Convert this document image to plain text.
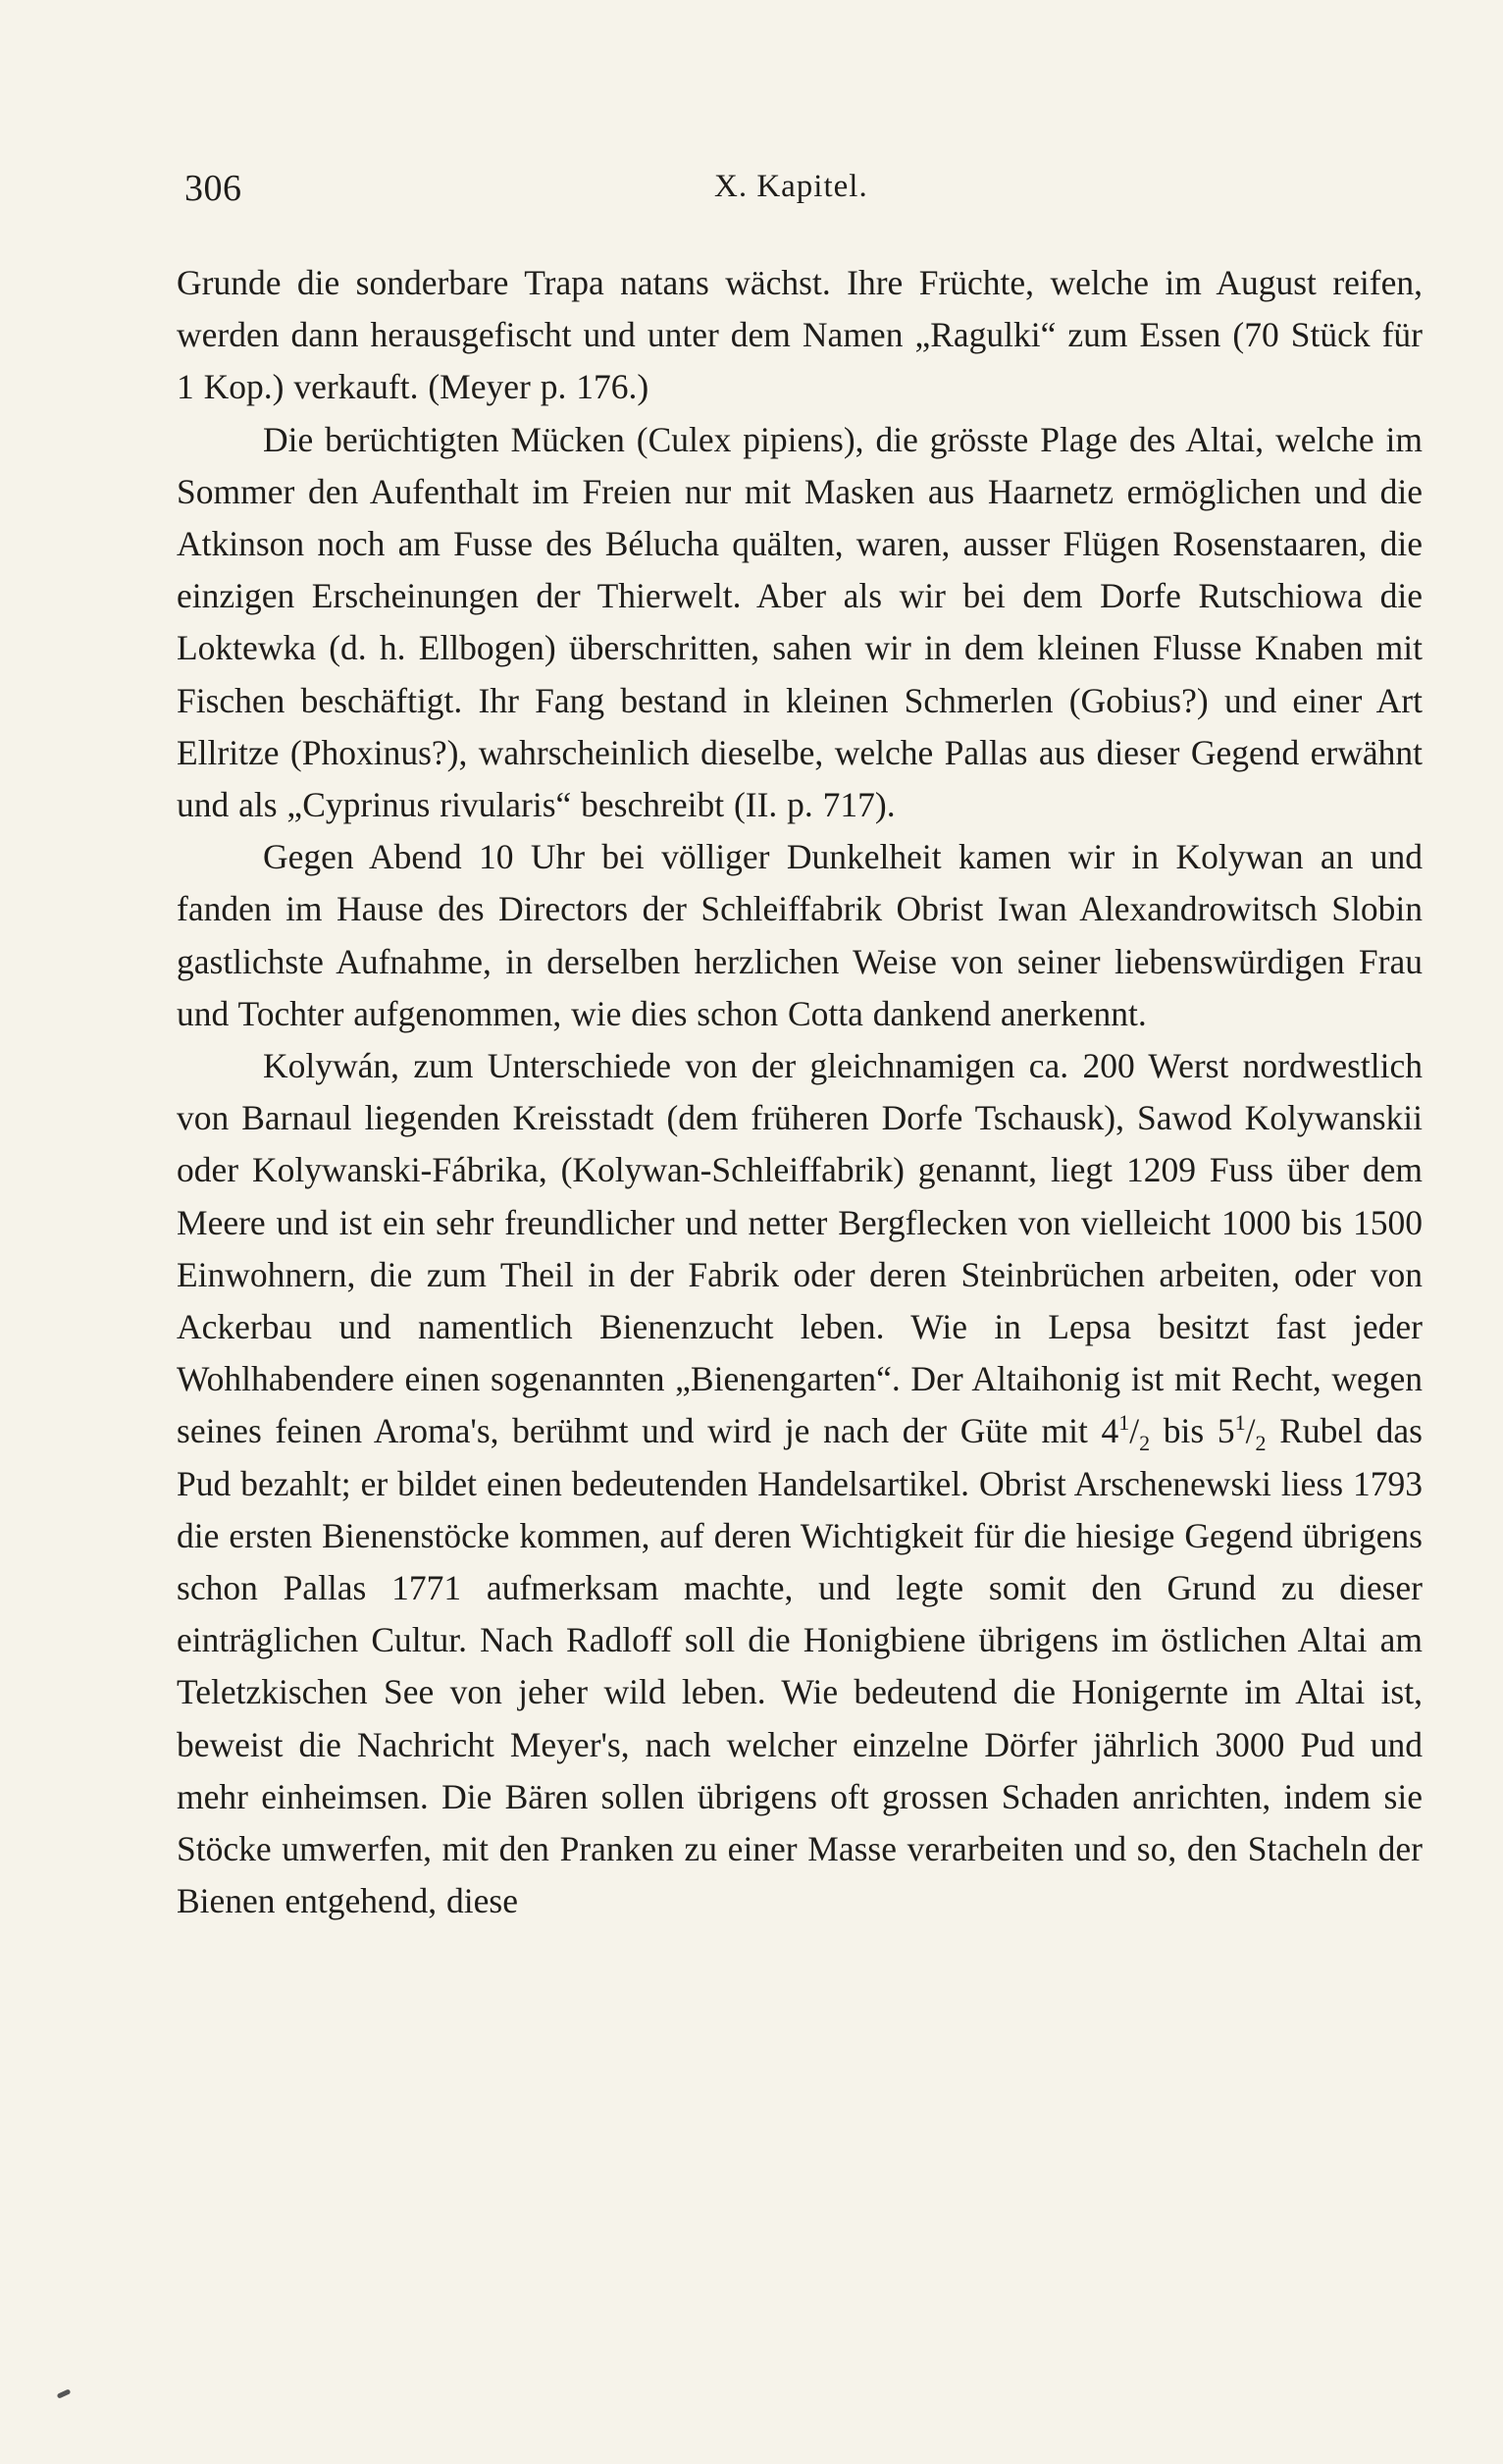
306	X. Kapitel.

Grunde die sonderbare Trapa natans wächst. Ihre Früchte, welche im August reifen, werden dann herausgefischt und unter dem Namen „Ragulki“ zum Essen (70 Stück für 1 Kop.) verkauft. (Meyer p. 176.)

Die berüchtigten Mücken (Culex pipiens), die grösste Plage des Altai, welche im Sommer den Aufenthalt im Freien nur mit Masken aus Haarnetz ermöglichen und die Atkinson noch am Fusse des Bélucha quälten, waren, ausser Flügen Rosenstaaren, die einzigen Erscheinungen der Thierwelt. Aber als wir bei dem Dorfe Rutschiowa die Loktewka (d. h. Ellbogen) überschritten, sahen wir in dem kleinen Flusse Knaben mit Fischen beschäftigt. Ihr Fang bestand in kleinen Schmerlen (Gobius?) und einer Art Ellritze (Phoxinus?), wahrscheinlich dieselbe, welche Pallas aus dieser Gegend erwähnt und als „Cyprinus rivularis“ beschreibt (II. p. 717).

Gegen Abend 10 Uhr bei völliger Dunkelheit kamen wir in Kolywan an und fanden im Hause des Directors der Schleiffabrik Obrist Iwan Alexandrowitsch Slobin gastlichste Aufnahme, in derselben herzlichen Weise von seiner liebenswürdigen Frau und Tochter aufgenommen, wie dies schon Cotta dankend anerkennt.

Kolywán, zum Unterschiede von der gleichnamigen ca. 200 Werst nordwestlich von Barnaul liegenden Kreisstadt (dem früheren Dorfe Tschausk), Sawod Kolywanskii oder Kolywanski-Fábrika, (Kolywan-Schleiffabrik) genannt, liegt 1209 Fuss über dem Meere und ist ein sehr freundlicher und netter Bergflecken von vielleicht 1000 bis 1500 Einwohnern, die zum Theil in der Fabrik oder deren Steinbrüchen arbeiten, oder von Ackerbau und namentlich Bienenzucht leben. Wie in Lepsa besitzt fast jeder Wohlhabendere einen sogenannten „Bienengarten“. Der Altaihonig ist mit Recht, wegen seines feinen Aroma's, berühmt und wird je nach der Güte mit $4^1/_2$ bis $5^1/_2$ Rubel das Pud bezahlt; er bildet einen bedeutenden Handelsartikel. Obrist Arschenewski liess 1793 die ersten Bienenstöcke kommen, auf deren Wichtigkeit für die hiesige Gegend übrigens schon Pallas 1771 aufmerksam machte, und legte somit den Grund zu dieser einträglichen Cultur. Nach Radloff soll die Honigbiene übrigens im östlichen Altai am Teletzkischen See von jeher wild leben. Wie bedeutend die Honigernte im Altai ist, beweist die Nachricht Meyer's, nach welcher einzelne Dörfer jährlich 3000 Pud und mehr einheimsen. Die Bären sollen übrigens oft grossen Schaden anrichten, indem sie Stöcke umwerfen, mit den Pranken zu einer Masse verarbeiten und so, den Stacheln der Bienen entgehend, diese
